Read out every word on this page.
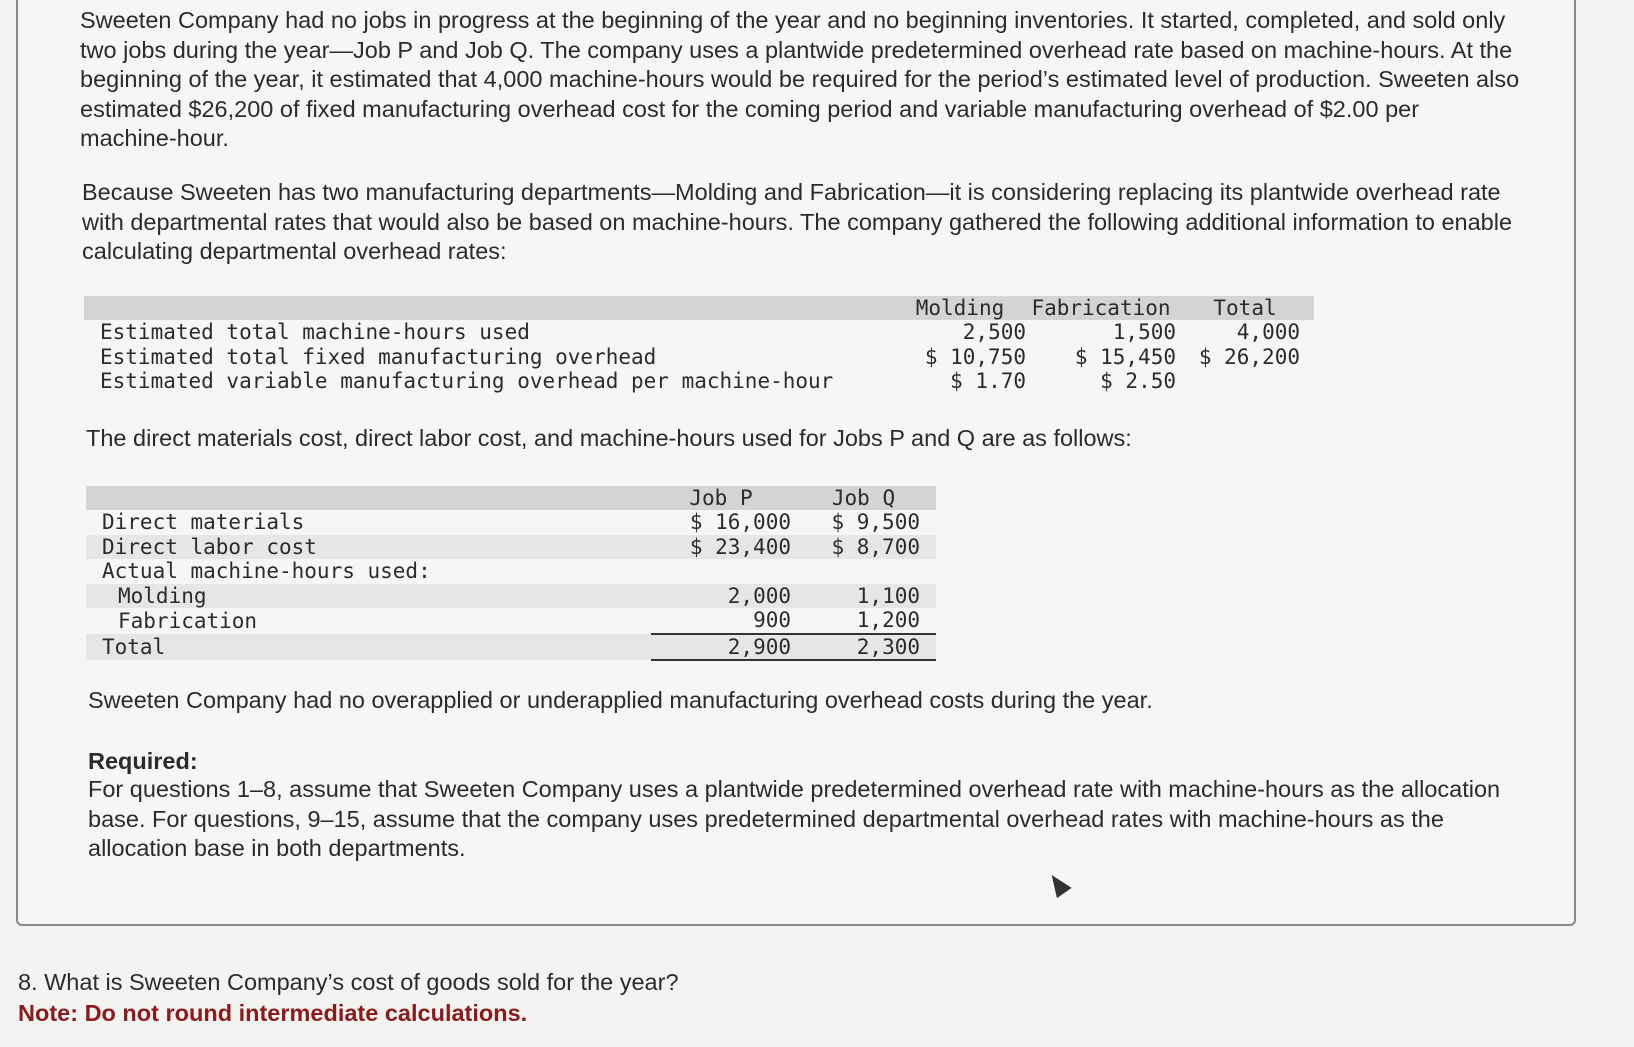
Sweeten Company had no jobs in progress at the beginning of the year and no beginning inventories. It started, completed, and sold only two jobs during the year—Job P and Job Q. The company uses a plantwide predetermined overhead rate based on machine-hours. At the beginning of the year, it estimated that 4,000 machine-hours would be required for the period’s estimated level of production. Sweeten also estimated $26,200 of fixed manufacturing overhead cost for the coming period and variable manufacturing overhead of $2.00 per machine-hour.

Because Sweeten has two manufacturing departments—Molding and Fabrication—it is considering replacing its plantwide overhead rate with departmental rates that would also be based on machine-hours. The company gathered the following additional information to enable calculating departmental overhead rates:

	Molding	Fabrication	Total
Estimated total machine-hours used	2,500	1,500	4,000
Estimated total fixed manufacturing overhead	$ 10,750	$ 15,450	$ 26,200
Estimated variable manufacturing overhead per machine-hour	$ 1.70	$ 2.50	

The direct materials cost, direct labor cost, and machine-hours used for Jobs P and Q are as follows:

	Job P	Job Q
Direct materials	$ 16,000	$ 9,500
Direct labor cost	$ 23,400	$ 8,700
Actual machine-hours used:		
Molding	2,000	1,100
Fabrication	900	1,200
Total	2,900	2,300

Sweeten Company had no overapplied or underapplied manufacturing overhead costs during the year.

Required:

For questions 1–8, assume that Sweeten Company uses a plantwide predetermined overhead rate with machine-hours as the allocation base. For questions, 9–15, assume that the company uses predetermined departmental overhead rates with machine-hours as the allocation base in both departments.

8. What is Sweeten Company’s cost of goods sold for the year?

Note: Do not round intermediate calculations.
